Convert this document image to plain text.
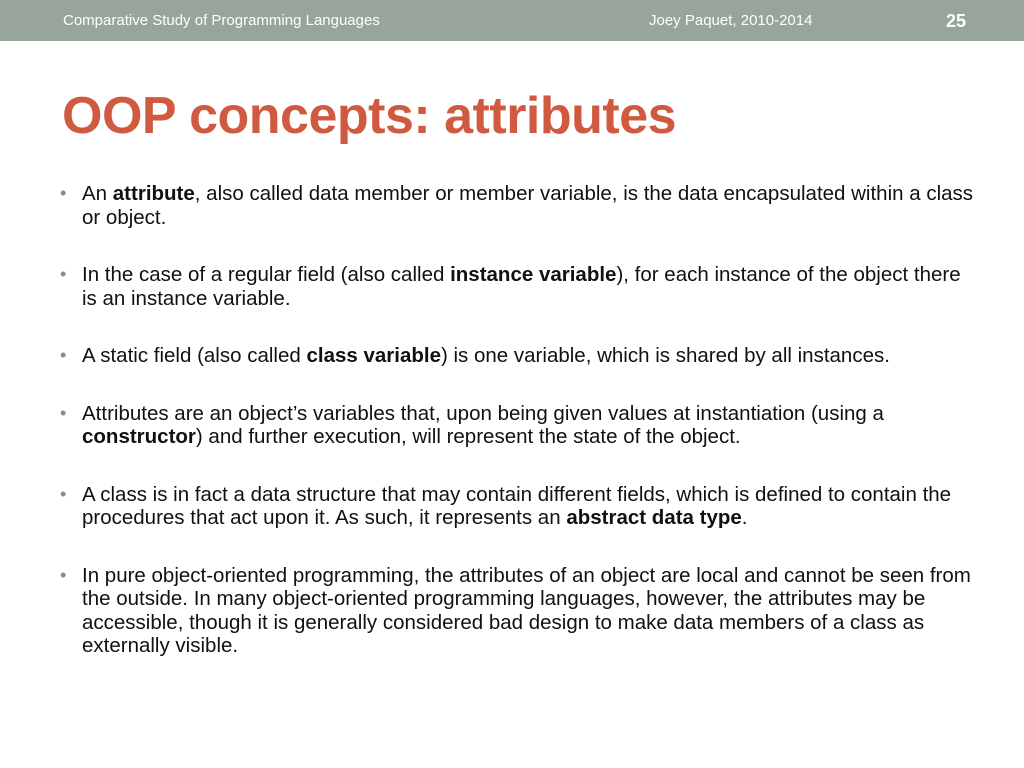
Comparative Study of Programming Languages	Joey Paquet, 2010-2014	25
OOP concepts: attributes
• An attribute, also called data member or member variable, is the data encapsulated within a class or object.
• In the case of a regular field (also called instance variable), for each instance of the object there is an instance variable.
• A static field (also called class variable) is one variable, which is shared by all instances.
• Attributes are an object’s variables that, upon being given values at instantiation (using a constructor) and further execution, will represent the state of the object.
• A class is in fact a data structure that may contain different fields, which is defined to contain the procedures that act upon it. As such, it represents an abstract data type.
• In pure object-oriented programming, the attributes of an object are local and cannot be seen from the outside. In many object-oriented programming languages, however, the attributes may be accessible, though it is generally considered bad design to make data members of a class as externally visible.
